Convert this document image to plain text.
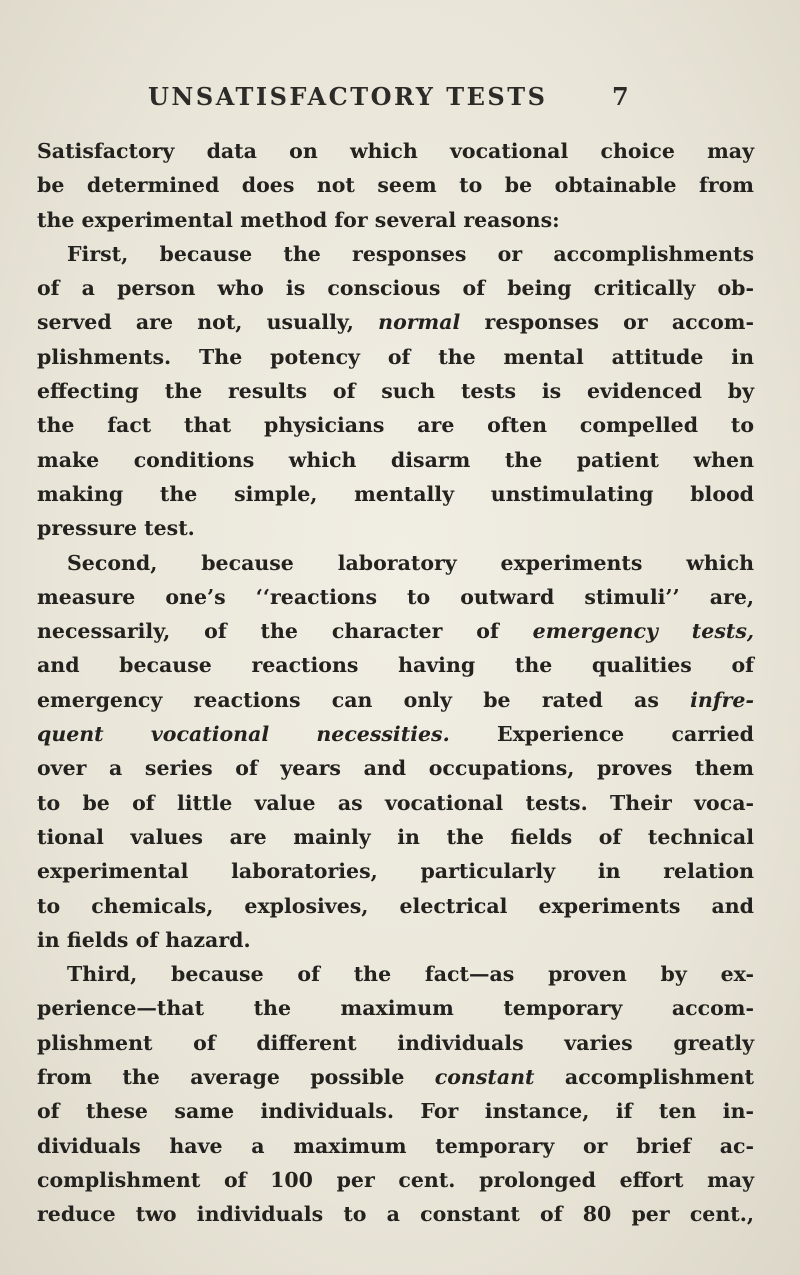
UNSATISFACTORY TESTS	7
Satisfactory data on which vocational choice may
be determined does not seem to be obtainable from
the experimental method for several reasons:
First, because the responses or accomplishments
of a person who is conscious of being critically ob-
served are not, usually, normal responses or accom-
plishments. The potency of the mental attitude in
effecting the results of such tests is evidenced by
the fact that physicians are often compelled to
make conditions which disarm the patient when
making the simple, mentally unstimulating blood
pressure test.
Second, because laboratory experiments which
measure one’s ‘‘reactions to outward stimuli’’ are,
necessarily, of the character of emergency tests,
and because reactions having the qualities of
emergency reactions can only be rated as infre-
quent vocational necessities. Experience carried
over a series of years and occupations, proves them
to be of little value as vocational tests. Their voca-
tional values are mainly in the fields of technical
experimental laboratories, particularly in relation
to chemicals, explosives, electrical experiments and
in fields of hazard.
Third, because of the fact—as proven by ex-
perience—that the maximum temporary accom-
plishment of different individuals varies greatly
from the average possible constant accomplishment
of these same individuals. For instance, if ten in-
dividuals have a maximum temporary or brief ac-
complishment of 100 per cent. prolonged effort may
reduce two individuals to a constant of 80 per cent.,
